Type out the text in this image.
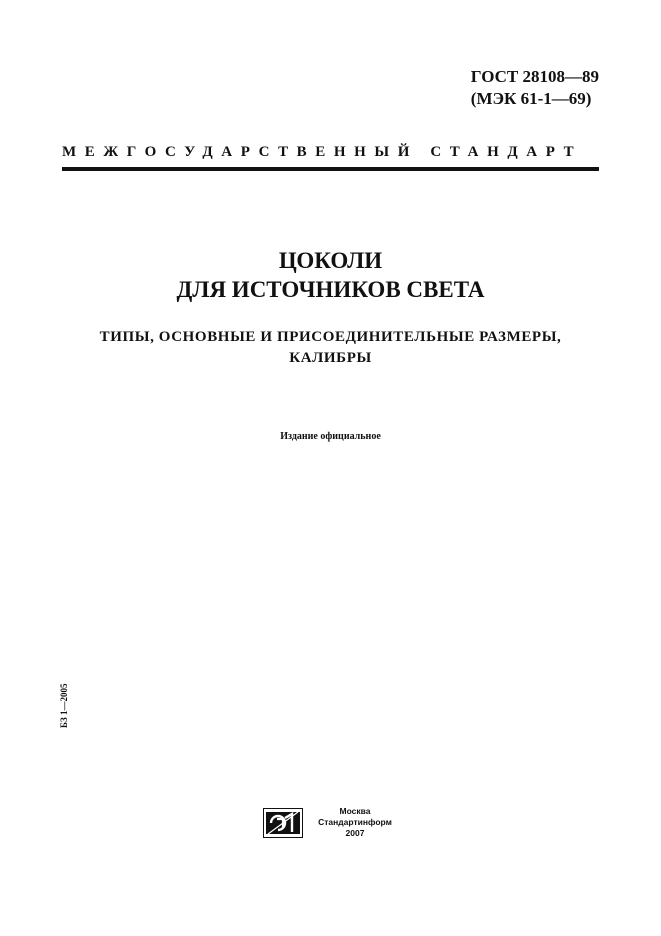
ГОСТ 28108—89
(МЭК 61-1—69)
МЕЖГОСУДАРСТВЕННЫЙ СТАНДАРТ
ЦОКОЛИ
ДЛЯ ИСТОЧНИКОВ СВЕТА
ТИПЫ, ОСНОВНЫЕ И ПРИСОЕДИНИТЕЛЬНЫЕ РАЗМЕРЫ,
КАЛИБРЫ
Издание официальное
БЗ 1—2005
Москва
Стандартинформ
2007
